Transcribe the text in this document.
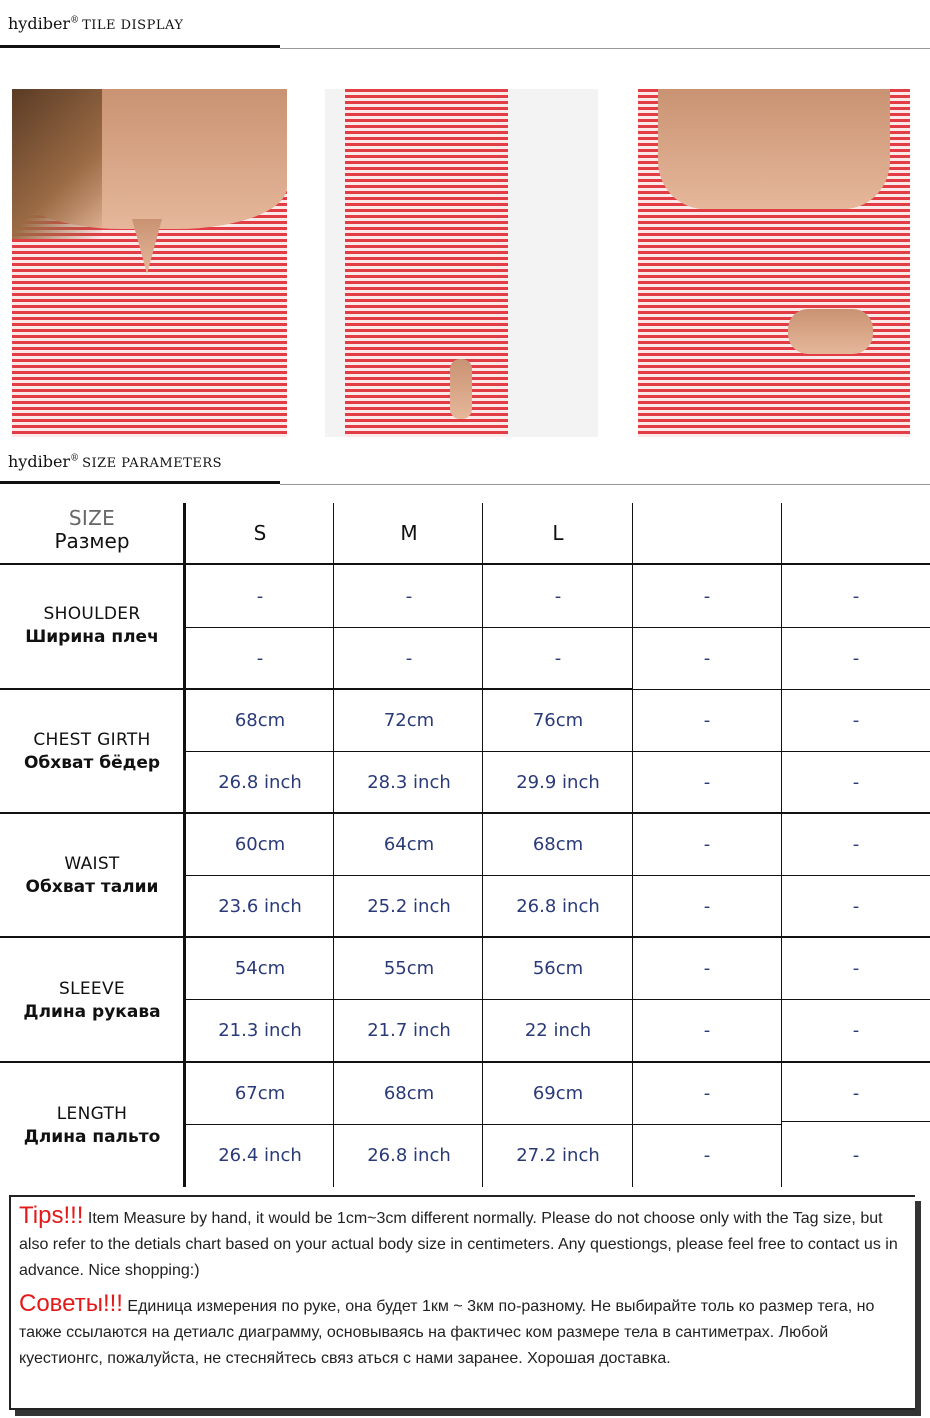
hydiber® TILE DISPLAY
hydiber® SIZE PARAMETERS
SIZE
Размер	S	M	L
SHOULDER
Ширина плеч
-	-	-	-	-
-	-	-	-	-
CHEST GIRTH
Обхват бёдер
68cm	72cm	76cm	-	-
26.8 inch	28.3 inch	29.9 inch	-	-
WAIST
Обхват талии
60cm	64cm	68cm	-	-
23.6 inch	25.2 inch	26.8 inch	-	-
SLEEVE
Длина рукава
54cm	55cm	56cm	-	-
21.3 inch	21.7 inch	22 inch	-	-
LENGTH
Длина пальто
67cm	68cm	69cm	-	-
26.4 inch	26.8 inch	27.2 inch	-	-
Tips!!! Item Measure by hand, it would be 1cm~3cm different normally. Please do not choose only with the Tag size, but also refer to the detials chart based on your actual body size in centimeters. Any questiongs, please feel free to contact us in advance. Nice shopping:)
Советы!!! Единица измерения по руке, она будет 1км ~ 3км по-разному. Не выбирайте толь ко размер тега, но также ссылаются на детиалс диаграмму, основываясь на фактичес ком размере тела в сантиметрах. Любой куестионгс, пожалуйста, не стесняйтесь связ аться с нами заранее. Хорошая доставка.
